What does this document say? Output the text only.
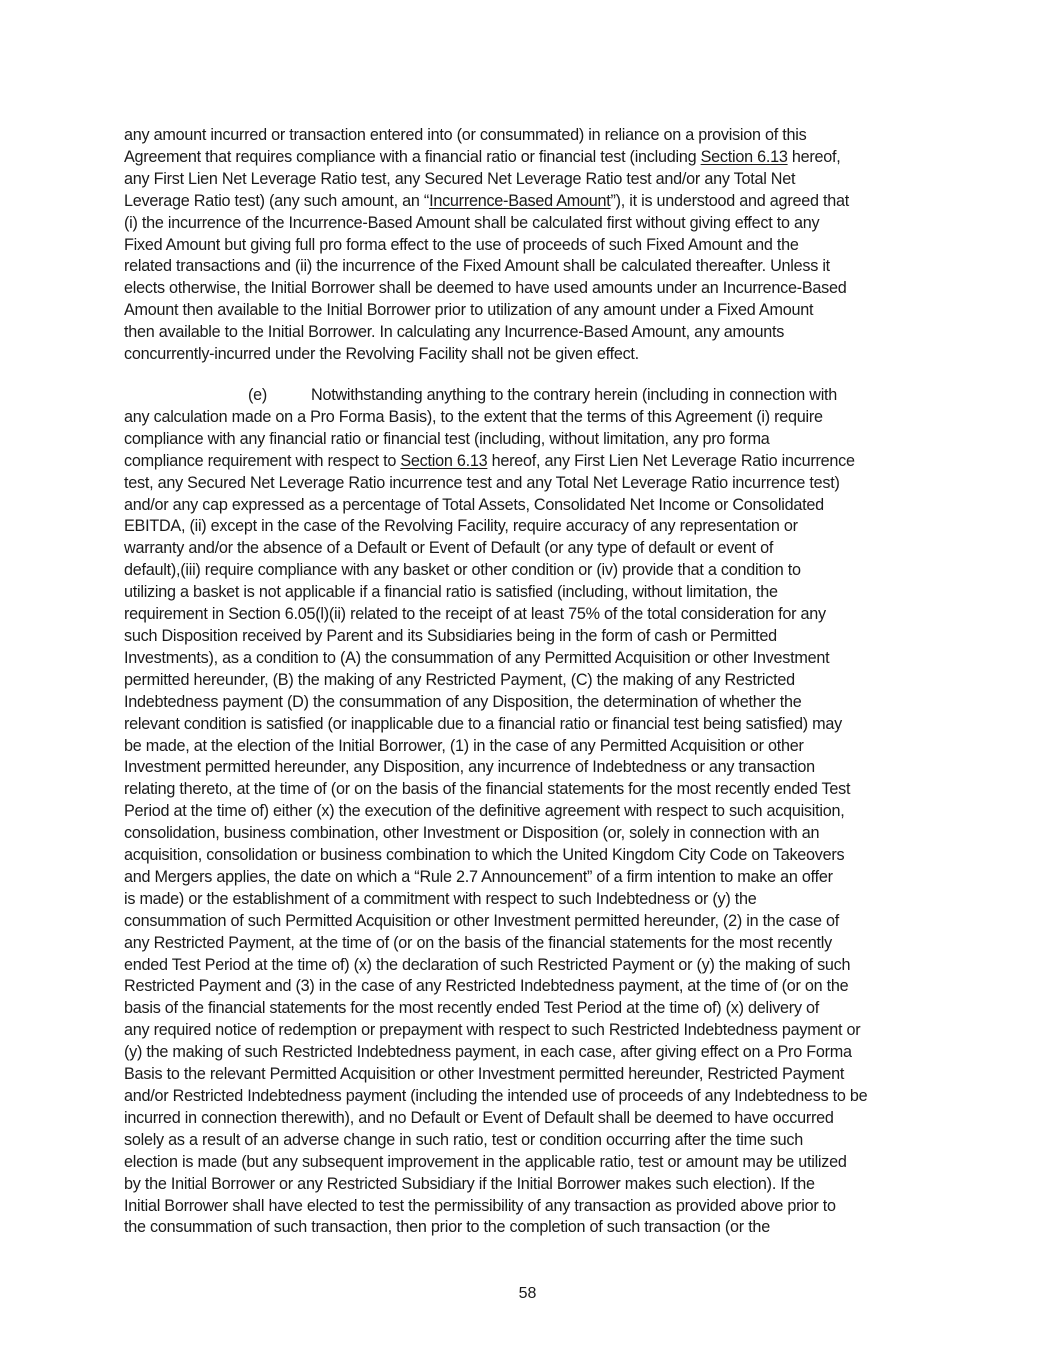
any amount incurred or transaction entered into (or consummated) in reliance on a provision of this
Agreement that requires compliance with a financial ratio or financial test (including Section 6.13 hereof,
any First Lien Net Leverage Ratio test, any Secured Net Leverage Ratio test and/or any Total Net
Leverage Ratio test) (any such amount, an “Incurrence-Based Amount”), it is understood and agreed that
(i) the incurrence of the Incurrence-Based Amount shall be calculated first without giving effect to any
Fixed Amount but giving full pro forma effect to the use of proceeds of such Fixed Amount and the
related transactions and (ii) the incurrence of the Fixed Amount shall be calculated thereafter. Unless it
elects otherwise, the Initial Borrower shall be deemed to have used amounts under an Incurrence-Based
Amount then available to the Initial Borrower prior to utilization of any amount under a Fixed Amount
then available to the Initial Borrower. In calculating any Incurrence-Based Amount, any amounts
concurrently-incurred under the Revolving Facility shall not be given effect.
(e)	Notwithstanding anything to the contrary herein (including in connection with
any calculation made on a Pro Forma Basis), to the extent that the terms of this Agreement (i) require
compliance with any financial ratio or financial test (including, without limitation, any pro forma
compliance requirement with respect to Section 6.13 hereof, any First Lien Net Leverage Ratio incurrence
test, any Secured Net Leverage Ratio incurrence test and any Total Net Leverage Ratio incurrence test)
and/or any cap expressed as a percentage of Total Assets, Consolidated Net Income or Consolidated
EBITDA, (ii) except in the case of the Revolving Facility, require accuracy of any representation or
warranty and/or the absence of a Default or Event of Default (or any type of default or event of
default),(iii) require compliance with any basket or other condition or (iv) provide that a condition to
utilizing a basket is not applicable if a financial ratio is satisfied (including, without limitation, the
requirement in Section 6.05(l)(ii) related to the receipt of at least 75% of the total consideration for any
such Disposition received by Parent and its Subsidiaries being in the form of cash or Permitted
Investments), as a condition to (A) the consummation of any Permitted Acquisition or other Investment
permitted hereunder, (B) the making of any Restricted Payment, (C) the making of any Restricted
Indebtedness payment (D) the consummation of any Disposition, the determination of whether the
relevant condition is satisfied (or inapplicable due to a financial ratio or financial test being satisfied) may
be made, at the election of the Initial Borrower, (1) in the case of any Permitted Acquisition or other
Investment permitted hereunder, any Disposition, any incurrence of Indebtedness or any transaction
relating thereto, at the time of (or on the basis of the financial statements for the most recently ended Test
Period at the time of) either (x) the execution of the definitive agreement with respect to such acquisition,
consolidation, business combination, other Investment or Disposition (or, solely in connection with an
acquisition, consolidation or business combination to which the United Kingdom City Code on Takeovers
and Mergers applies, the date on which a “Rule 2.7 Announcement” of a firm intention to make an offer
is made) or the establishment of a commitment with respect to such Indebtedness or (y) the
consummation of such Permitted Acquisition or other Investment permitted hereunder, (2) in the case of
any Restricted Payment, at the time of (or on the basis of the financial statements for the most recently
ended Test Period at the time of) (x) the declaration of such Restricted Payment or (y) the making of such
Restricted Payment and (3) in the case of any Restricted Indebtedness payment, at the time of (or on the
basis of the financial statements for the most recently ended Test Period at the time of) (x) delivery of
any required notice of redemption or prepayment with respect to such Restricted Indebtedness payment or
(y) the making of such Restricted Indebtedness payment, in each case, after giving effect on a Pro Forma
Basis to the relevant Permitted Acquisition or other Investment permitted hereunder, Restricted Payment
and/or Restricted Indebtedness payment (including the intended use of proceeds of any Indebtedness to be
incurred in connection therewith), and no Default or Event of Default shall be deemed to have occurred
solely as a result of an adverse change in such ratio, test or condition occurring after the time such
election is made (but any subsequent improvement in the applicable ratio, test or amount may be utilized
by the Initial Borrower or any Restricted Subsidiary if the Initial Borrower makes such election). If the
Initial Borrower shall have elected to test the permissibility of any transaction as provided above prior to
the consummation of such transaction, then prior to the completion of such transaction (or the
58
